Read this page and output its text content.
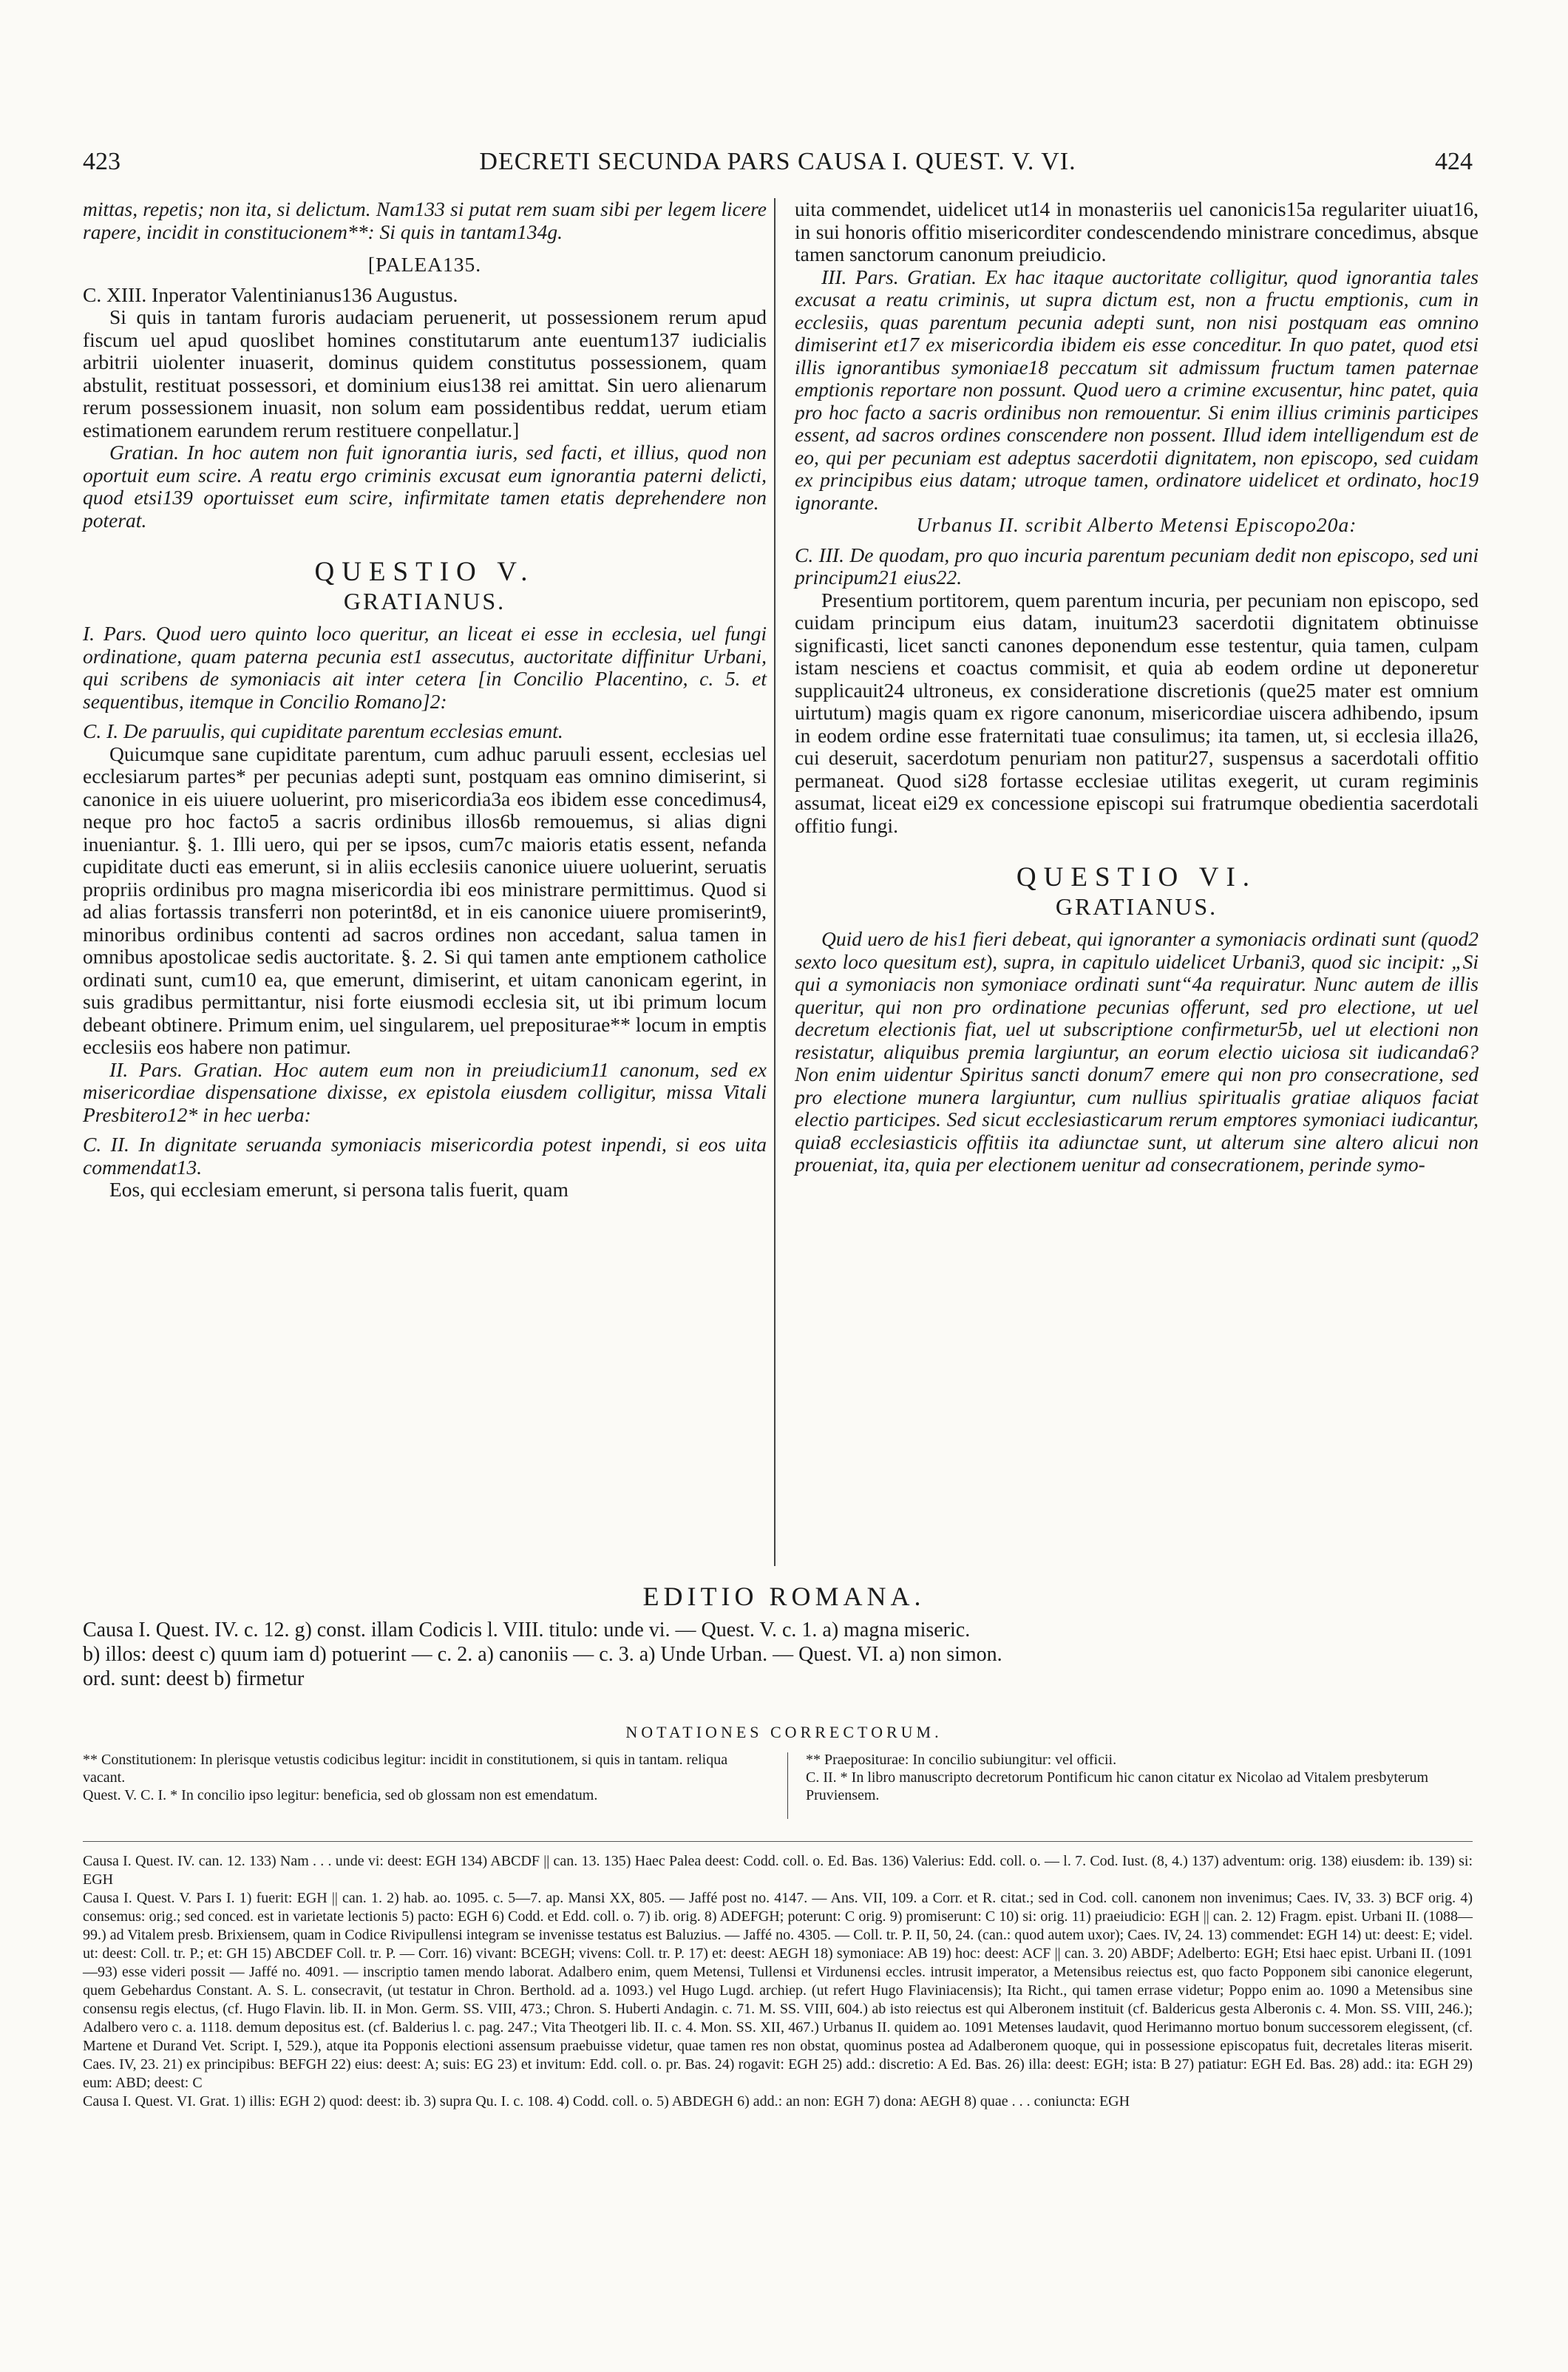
423	DECRETI SECUNDA PARS CAUSA I. QUEST. V. VI.	424

mittas, repetis; non ita, si delictum. Nam133 si putat rem suam sibi per legem licere rapere, incidit in constitucionem**: Si quis in tantam134g.

[PALEA135.

C. XIII. Inperator Valentinianus136 Augustus.

Si quis in tantam furoris audaciam peruenerit, ut possessionem rerum apud fiscum uel apud quoslibet homines constitutarum ante euentum137 iudicialis arbitrii uiolenter inuaserit, dominus quidem constitutus possessionem, quam abstulit, restituat possessori, et dominium eius138 rei amittat. Sin uero alienarum rerum possessionem inuasit, non solum eam possidentibus reddat, uerum etiam estimationem earundem rerum restituere conpellatur.]

Gratian. In hoc autem non fuit ignorantia iuris, sed facti, et illius, quod non oportuit eum scire. A reatu ergo criminis excusat eum ignorantia paterni delicti, quod etsi139 oportuisset eum scire, infirmitate tamen etatis deprehendere non poterat.

QUESTIO V.

GRATIANUS.

I. Pars. Quod uero quinto loco queritur, an liceat ei esse in ecclesia, uel fungi ordinatione, quam paterna pecunia est1 assecutus, auctoritate diffinitur Urbani, qui scribens de symoniacis ait inter cetera [in Concilio Placentino, c. 5. et sequentibus, itemque in Concilio Romano]2:

C. I. De paruulis, qui cupiditate parentum ecclesias emunt.

Quicumque sane cupiditate parentum, cum adhuc paruuli essent, ecclesias uel ecclesiarum partes* per pecunias adepti sunt, postquam eas omnino dimiserint, si canonice in eis uiuere uoluerint, pro misericordia3a eos ibidem esse concedimus4, neque pro hoc facto5 a sacris ordinibus illos6b remouemus, si alias digni inueniantur. §. 1. Illi uero, qui per se ipsos, cum7c maioris etatis essent, nefanda cupiditate ducti eas emerunt, si in aliis ecclesiis canonice uiuere uoluerint, seruatis propriis ordinibus pro magna misericordia ibi eos ministrare permittimus. Quod si ad alias fortassis transferri non poterint8d, et in eis canonice uiuere promiserint9, minoribus ordinibus contenti ad sacros ordines non accedant, salua tamen in omnibus apostolicae sedis auctoritate. §. 2. Si qui tamen ante emptionem catholice ordinati sunt, cum10 ea, que emerunt, dimiserint, et uitam canonicam egerint, in suis gradibus permittantur, nisi forte eiusmodi ecclesia sit, ut ibi primum locum debeant obtinere. Primum enim, uel singularem, uel prepositurae** locum in emptis ecclesiis eos habere non patimur.

II. Pars. Gratian. Hoc autem eum non in preiudicium11 canonum, sed ex misericordiae dispensatione dixisse, ex epistola eiusdem colligitur, missa Vitali Presbitero12* in hec uerba:

C. II. In dignitate seruanda symoniacis misericordia potest inpendi, si eos uita commendat13.

Eos, qui ecclesiam emerunt, si persona talis fuerit, quam

uita commendet, uidelicet ut14 in monasteriis uel canonicis15a regulariter uiuat16, in sui honoris offitio misericorditer condescendendo ministrare concedimus, absque tamen sanctorum canonum preiudicio.

III. Pars. Gratian. Ex hac itaque auctoritate colligitur, quod ignorantia tales excusat a reatu criminis, ut supra dictum est, non a fructu emptionis, cum in ecclesiis, quas parentum pecunia adepti sunt, non nisi postquam eas omnino dimiserint et17 ex misericordia ibidem eis esse conceditur. In quo patet, quod etsi illis ignorantibus symoniae18 peccatum sit admissum fructum tamen paternae emptionis reportare non possunt. Quod uero a crimine excusentur, hinc patet, quia pro hoc facto a sacris ordinibus non remouentur. Si enim illius criminis participes essent, ad sacros ordines conscendere non possent. Illud idem intelligendum est de eo, qui per pecuniam est adeptus sacerdotii dignitatem, non episcopo, sed cuidam ex principibus eius datam; utroque tamen, ordinatore uidelicet et ordinato, hoc19 ignorante.

Urbanus II. scribit Alberto Metensi Episcopo20a:

C. III. De quodam, pro quo incuria parentum pecuniam dedit non episcopo, sed uni principum21 eius22.

Presentium portitorem, quem parentum incuria, per pecuniam non episcopo, sed cuidam principum eius datam, inuitum23 sacerdotii dignitatem obtinuisse significasti, licet sancti canones deponendum esse testentur, quia tamen, culpam istam nesciens et coactus commisit, et quia ab eodem ordine ut deponeretur supplicauit24 ultroneus, ex consideratione discretionis (que25 mater est omnium uirtutum) magis quam ex rigore canonum, misericordiae uiscera adhibendo, ipsum in eodem ordine esse fraternitati tuae consulimus; ita tamen, ut, si ecclesia illa26, cui deseruit, sacerdotum penuriam non patitur27, suspensus a sacerdotali offitio permaneat. Quod si28 fortasse ecclesiae utilitas exegerit, ut curam regiminis assumat, liceat ei29 ex concessione episcopi sui fratrumque obedientia sacerdotali offitio fungi.

QUESTIO VI.

GRATIANUS.

Quid uero de his1 fieri debeat, qui ignoranter a symoniacis ordinati sunt (quod2 sexto loco quesitum est), supra, in capitulo uidelicet Urbani3, quod sic incipit: „Si qui a symoniacis non symoniace ordinati sunt“4a requiratur. Nunc autem de illis queritur, qui non pro ordinatione pecunias offerunt, sed pro electione, ut uel decretum electionis fiat, uel ut subscriptione confirmetur5b, uel ut electioni non resistatur, aliquibus premia largiuntur, an eorum electio uiciosa sit iudicanda6? Non enim uidentur Spiritus sancti donum7 emere qui non pro consecratione, sed pro electione munera largiuntur, cum nullius spiritualis gratiae aliquos faciat electio participes. Sed sicut ecclesiasticarum rerum emptores symoniaci iudicantur, quia8 ecclesiasticis offitiis ita adiunctae sunt, ut alterum sine altero alicui non proueniat, ita, quia per electionem uenitur ad consecrationem, perinde symo-

EDITIO ROMANA.

Causa I. Quest. IV. c. 12. g) const. illam Codicis l. VIII. titulo: unde vi. — Quest. V. c. 1. a) magna miseric.

b) illos: deest c) quum iam d) potuerint — c. 2. a) canoniis — c. 3. a) Unde Urban. — Quest. VI. a) non simon.

ord. sunt: deest b) firmetur

NOTATIONES CORRECTORUM.

** Constitutionem: In plerisque vetustis codicibus legitur: incidit in constitutionem, si quis in tantam. reliqua vacant.

Quest. V. C. I. * In concilio ipso legitur: beneficia, sed ob glossam non est emendatum.

** Praepositurae: In concilio subiungitur: vel officii.

C. II. * In libro manuscripto decretorum Pontificum hic canon citatur ex Nicolao ad Vitalem presbyterum Pruviensem.

Causa I. Quest. IV. can. 12. 133) Nam . . . unde vi: deest: EGH 134) ABCDF || can. 13. 135) Haec Palea deest: Codd. coll. o. Ed. Bas. 136) Valerius: Edd. coll. o. — l. 7. Cod. Iust. (8, 4.) 137) adventum: orig. 138) eiusdem: ib. 139) si: EGH

Causa I. Quest. V. Pars I. 1) fuerit: EGH || can. 1. 2) hab. ao. 1095. c. 5—7. ap. Mansi XX, 805. — Jaffé post no. 4147. — Ans. VII, 109. a Corr. et R. citat.; sed in Cod. coll. canonem non invenimus; Caes. IV, 33. 3) BCF orig. 4) consemus: orig.; sed conced. est in varietate lectionis 5) pacto: EGH 6) Codd. et Edd. coll. o. 7) ib. orig. 8) ADEFGH; poterunt: C orig. 9) promiserunt: C 10) si: orig. 11) praeiudicio: EGH || can. 2. 12) Fragm. epist. Urbani II. (1088—99.) ad Vitalem presb. Brixiensem, quam in Codice Rivipullensi integram se invenisse testatus est Baluzius. — Jaffé no. 4305. — Coll. tr. P. II, 50, 24. (can.: quod autem uxor); Caes. IV, 24. 13) commendet: EGH 14) ut: deest: E; videl. ut: deest: Coll. tr. P.; et: GH 15) ABCDEF Coll. tr. P. — Corr. 16) vivant: BCEGH; vivens: Coll. tr. P. 17) et: deest: AEGH 18) symoniace: AB 19) hoc: deest: ACF || can. 3. 20) ABDF; Adelberto: EGH; Etsi haec epist. Urbani II. (1091—93) esse videri possit — Jaffé no. 4091. — inscriptio tamen mendo laborat. Adalbero enim, quem Metensi, Tullensi et Virdunensi eccles. intrusit imperator, a Metensibus reiectus est, quo facto Popponem sibi canonice elegerunt, quem Gebehardus Constant. A. S. L. consecravit, (ut testatur in Chron. Berthold. ad a. 1093.) vel Hugo Lugd. archiep. (ut refert Hugo Flaviniacensis); Ita Richt., qui tamen errase videtur; Poppo enim ao. 1090 a Metensibus sine consensu regis electus, (cf. Hugo Flavin. lib. II. in Mon. Germ. SS. VIII, 473.; Chron. S. Huberti Andagin. c. 71. M. SS. VIII, 604.) ab isto reiectus est qui Alberonem instituit (cf. Balderiсus gesta Alberonis c. 4. Mon. SS. VIII, 246.); Adalbero vero c. a. 1118. demum depositus est. (cf. Balderius l. c. pag. 247.; Vita Theotgeri lib. II. c. 4. Mon. SS. XII, 467.) Urbanus II. quidem ao. 1091 Metenses laudavit, quod Herimanno mortuo bonum successorem elegissent, (cf. Martene et Durand Vet. Script. I, 529.), atque ita Popponis electioni assensum praebuisse videtur, quae tamen res non obstat, quominus postea ad Adalberonem quoque, qui in possessione episcopatus fuit, decretales literas miserit. Caes. IV, 23. 21) ex principibus: BEFGH 22) eius: deest: A; suis: EG 23) et invitum: Edd. coll. o. pr. Bas. 24) rogavit: EGH 25) add.: discretio: A Ed. Bas. 26) illa: deest: EGH; ista: B 27) patiatur: EGH Ed. Bas. 28) add.: ita: EGH 29) eum: ABD; deest: C

Causa I. Quest. VI. Grat. 1) illis: EGH 2) quod: deest: ib. 3) supra Qu. I. c. 108. 4) Codd. coll. o. 5) ABDEGH 6) add.: an non: EGH 7) dona: AEGH 8) quae . . . coniuncta: EGH
